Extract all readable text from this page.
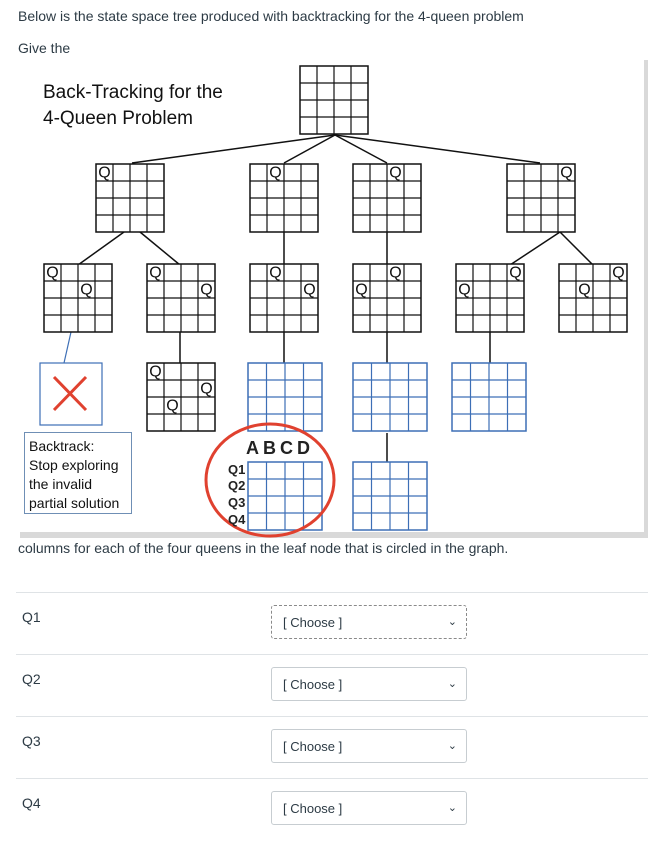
Below is the state space tree produced with backtracking for the 4-queen problem
Give the
Q	Q	Q	Q
Q
Q
Q
Q
Q
Q
Q
Q
Q
Q
Q
Q
Q
Q
Q
Back-Tracking for the
4-Queen Problem
Backtrack:
Stop exploring
the invalid
partial solution
ABCD
Q1
Q2
Q3
Q4
columns for each of the four queens in the leaf node that is circled in the graph.
Q1	[ Choose ]	⌄
Q2	[ Choose ]	⌄
Q3	[ Choose ]	⌄
Q4	[ Choose ]	⌄
